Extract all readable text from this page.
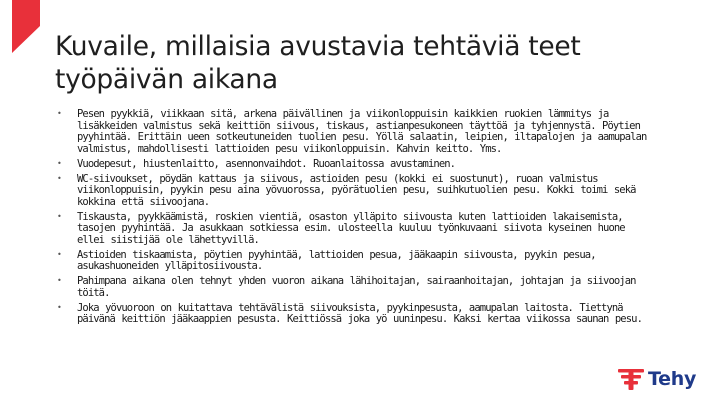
Kuvaile, millaisia avustavia tehtäviä teet työpäivän aikana
• Pesen pyykkiä, viikkaan sitä, arkena päivällinen ja viikonloppuisin kaikkien ruokien lämmitys ja lisäkkeiden valmistus sekä keittiön siivous, tiskaus, astianpesukoneen täyttöä ja tyhjennystä. Pöytien pyyhintää. Erittäin ueen sotkeutuneiden tuolien pesu. Yöllä salaatin, leipien, iltapalojen ja aamupalan valmistus, mahdollisesti lattioiden pesu viikonloppuisin. Kahvin keitto. Yms.
• Vuodepesut, hiustenlaitto, asennonvaihdot. Ruoanlaitossa avustaminen.
• WC-siivoukset, pöydän kattaus ja siivous, astioiden pesu (kokki ei suostunut), ruoan valmistus viikonloppuisin, pyykin pesu aina yövuorossa, pyörätuolien pesu, suihkutuolien pesu. Kokki toimi sekä kokkina että siivoojana.
• Tiskausta, pyykkäämistä, roskien vientiä, osaston ylläpito siivousta kuten lattioiden lakaisemista, tasojen pyyhintää. Ja asukkaan sotkiessa esim. ulosteella kuuluu työnkuvaani siivota kyseinen huone ellei siistijää ole lähettyvillä.
• Astioiden tiskaamista, pöytien pyyhintää, lattioiden pesua, jääkaapin siivousta, pyykin pesua, asukashuoneiden ylläpitosiivousta.
• Pahimpana aikana olen tehnyt yhden vuoron aikana lähihoitajan, sairaanhoitajan, johtajan ja siivoojan töitä.
• Joka yövuoroon on kuitattava tehtävälistä siivouksista, pyykinpesusta, aamupalan laitosta. Tiettynä päivänä keittiön jääkaappien pesusta. Keittiössä joka yö uuninpesu. Kaksi kertaa viikossa saunan pesu.
Tehy
